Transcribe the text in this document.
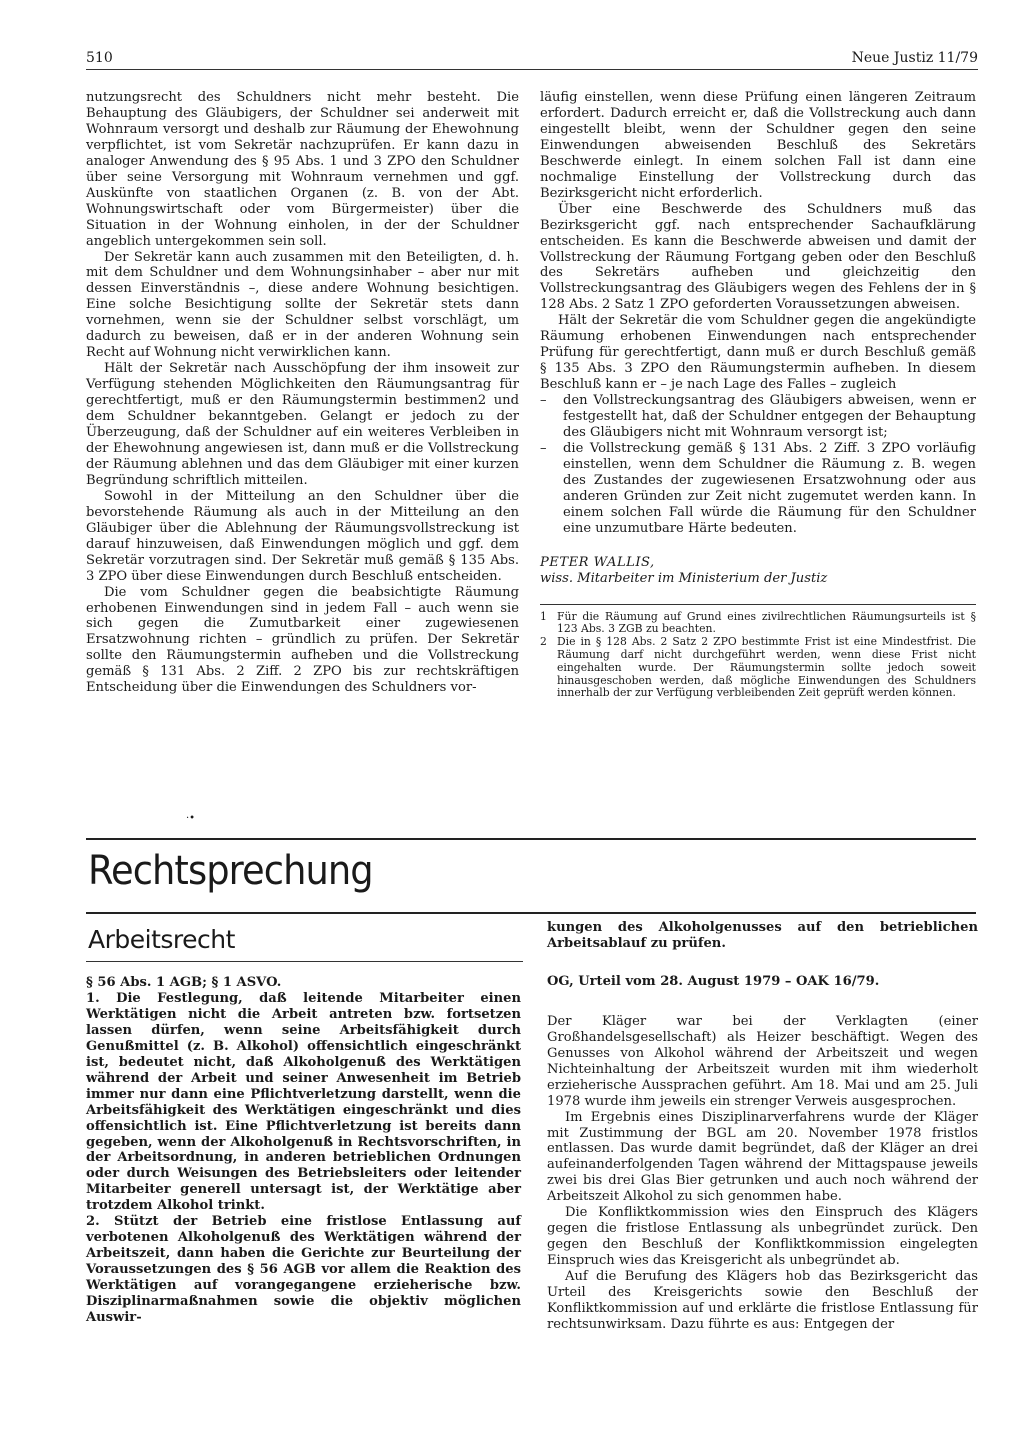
510	Neue Justiz 11/79

nutzungsrecht des Schuldners nicht mehr besteht. Die Behauptung des Gläubigers, der Schuldner sei anderweit mit Wohnraum versorgt und deshalb zur Räumung der Ehewohnung verpflichtet, ist vom Sekretär nachzuprüfen. Er kann dazu in analoger Anwendung des § 95 Abs. 1 und 3 ZPO den Schuldner über seine Versorgung mit Wohnraum vernehmen und ggf. Auskünfte von staatlichen Organen (z. B. von der Abt. Wohnungswirtschaft oder vom Bürgermeister) über die Situation in der Wohnung einholen, in der der Schuldner angeblich untergekommen sein soll.

Der Sekretär kann auch zusammen mit den Beteiligten, d. h. mit dem Schuldner und dem Wohnungsinhaber – aber nur mit dessen Einverständnis –, diese andere Wohnung besichtigen. Eine solche Besichtigung sollte der Sekretär stets dann vornehmen, wenn sie der Schuldner selbst vorschlägt, um dadurch zu beweisen, daß er in der anderen Wohnung sein Recht auf Wohnung nicht verwirklichen kann.

Hält der Sekretär nach Ausschöpfung der ihm insoweit zur Verfügung stehenden Möglichkeiten den Räumungsantrag für gerechtfertigt, muß er den Räumungstermin bestimmen2 und dem Schuldner bekanntgeben. Gelangt er jedoch zu der Überzeugung, daß der Schuldner auf ein weiteres Verbleiben in der Ehewohnung angewiesen ist, dann muß er die Vollstreckung der Räumung ablehnen und das dem Gläubiger mit einer kurzen Begründung schriftlich mitteilen.

Sowohl in der Mitteilung an den Schuldner über die bevorstehende Räumung als auch in der Mitteilung an den Gläubiger über die Ablehnung der Räumungsvollstreckung ist darauf hinzuweisen, daß Einwendungen möglich und ggf. dem Sekretär vorzutragen sind. Der Sekretär muß gemäß § 135 Abs. 3 ZPO über diese Einwendungen durch Beschluß entscheiden.

Die vom Schuldner gegen die beabsichtigte Räumung erhobenen Einwendungen sind in jedem Fall – auch wenn sie sich gegen die Zumutbarkeit einer zugewiesenen Ersatzwohnung richten – gründlich zu prüfen. Der Sekretär sollte den Räumungstermin aufheben und die Vollstreckung gemäß § 131 Abs. 2 Ziff. 2 ZPO bis zur rechtskräftigen Entscheidung über die Einwendungen des Schuldners vor-

läufig einstellen, wenn diese Prüfung einen längeren Zeitraum erfordert. Dadurch erreicht er, daß die Vollstreckung auch dann eingestellt bleibt, wenn der Schuldner gegen den seine Einwendungen abweisenden Beschluß des Sekretärs Beschwerde einlegt. In einem solchen Fall ist dann eine nochmalige Einstellung der Vollstreckung durch das Bezirksgericht nicht erforderlich.

Über eine Beschwerde des Schuldners muß das Bezirksgericht ggf. nach entsprechender Sachaufklärung entscheiden. Es kann die Beschwerde abweisen und damit der Vollstreckung der Räumung Fortgang geben oder den Beschluß des Sekretärs aufheben und gleichzeitig den Vollstreckungsantrag des Gläubigers wegen des Fehlens der in § 128 Abs. 2 Satz 1 ZPO geforderten Voraussetzungen abweisen.

Hält der Sekretär die vom Schuldner gegen die angekündigte Räumung erhobenen Einwendungen nach entsprechender Prüfung für gerechtfertigt, dann muß er durch Beschluß gemäß § 135 Abs. 3 ZPO den Räumungstermin aufheben. In diesem Beschluß kann er – je nach Lage des Falles – zugleich

– den Vollstreckungsantrag des Gläubigers abweisen, wenn er festgestellt hat, daß der Schuldner entgegen der Behauptung des Gläubigers nicht mit Wohnraum versorgt ist;
– die Vollstreckung gemäß § 131 Abs. 2 Ziff. 3 ZPO vorläufig einstellen, wenn dem Schuldner die Räumung z. B. wegen des Zustandes der zugewiesenen Ersatzwohnung oder aus anderen Gründen zur Zeit nicht zugemutet werden kann. In einem solchen Fall würde die Räumung für den Schuldner eine unzumutbare Härte bedeuten.
PETER WALLIS,
wiss. Mitarbeiter im Ministerium der Justiz
1 Für die Räumung auf Grund eines zivilrechtlichen Räumungsurteils ist § 123 Abs. 3 ZGB zu beachten.
2 Die in § 128 Abs. 2 Satz 2 ZPO bestimmte Frist ist eine Mindestfrist. Die Räumung darf nicht durchgeführt werden, wenn diese Frist nicht eingehalten wurde. Der Räumungstermin sollte jedoch soweit hinausgeschoben werden, daß mögliche Einwendungen des Schuldners innerhalb der zur Verfügung verbleibenden Zeit geprüft werden können.
·•
Rechtsprechung
Arbeitsrecht

§ 56 Abs. 1 AGB; § 1 ASVO.

1. Die Festlegung, daß leitende Mitarbeiter einen Werktätigen nicht die Arbeit antreten bzw. fortsetzen lassen dürfen, wenn seine Arbeitsfähigkeit durch Genußmittel (z. B. Alkohol) offensichtlich eingeschränkt ist, bedeutet nicht, daß Alkoholgenuß des Werktätigen während der Arbeit und seiner Anwesenheit im Betrieb immer nur dann eine Pflichtverletzung darstellt, wenn die Arbeitsfähigkeit des Werktätigen eingeschränkt und dies offensichtlich ist. Eine Pflichtverletzung ist bereits dann gegeben, wenn der Alkoholgenuß in Rechtsvorschriften, in der Arbeitsordnung, in anderen betrieblichen Ordnungen oder durch Weisungen des Betriebsleiters oder leitender Mitarbeiter generell untersagt ist, der Werktätige aber trotzdem Alkohol trinkt.

2. Stützt der Betrieb eine fristlose Entlassung auf verbotenen Alkoholgenuß des Werktätigen während der Arbeitszeit, dann haben die Gerichte zur Beurteilung der Voraussetzungen des § 56 AGB vor allem die Reaktion des Werktätigen auf vorangegangene erzieherische bzw. Disziplinarmaßnahmen sowie die objektiv möglichen Auswir-

kungen des Alkoholgenusses auf den betrieblichen Arbeitsablauf zu prüfen.

OG, Urteil vom 28. August 1979 – OAK 16/79.

Der Kläger war bei der Verklagten (einer Großhandelsgesellschaft) als Heizer beschäftigt. Wegen des Genusses von Alkohol während der Arbeitszeit und wegen Nichteinhaltung der Arbeitszeit wurden mit ihm wiederholt erzieherische Aussprachen geführt. Am 18. Mai und am 25. Juli 1978 wurde ihm jeweils ein strenger Verweis ausgesprochen.

Im Ergebnis eines Disziplinarverfahrens wurde der Kläger mit Zustimmung der BGL am 20. November 1978 fristlos entlassen. Das wurde damit begründet, daß der Kläger an drei aufeinanderfolgenden Tagen während der Mittagspause jeweils zwei bis drei Glas Bier getrunken und auch noch während der Arbeitszeit Alkohol zu sich genommen habe.

Die Konfliktkommission wies den Einspruch des Klägers gegen die fristlose Entlassung als unbegründet zurück. Den gegen den Beschluß der Konfliktkommission eingelegten Einspruch wies das Kreisgericht als unbegründet ab.

Auf die Berufung des Klägers hob das Bezirksgericht das Urteil des Kreisgerichts sowie den Beschluß der Konfliktkommission auf und erklärte die fristlose Entlassung für rechtsunwirksam. Dazu führte es aus: Entgegen der
